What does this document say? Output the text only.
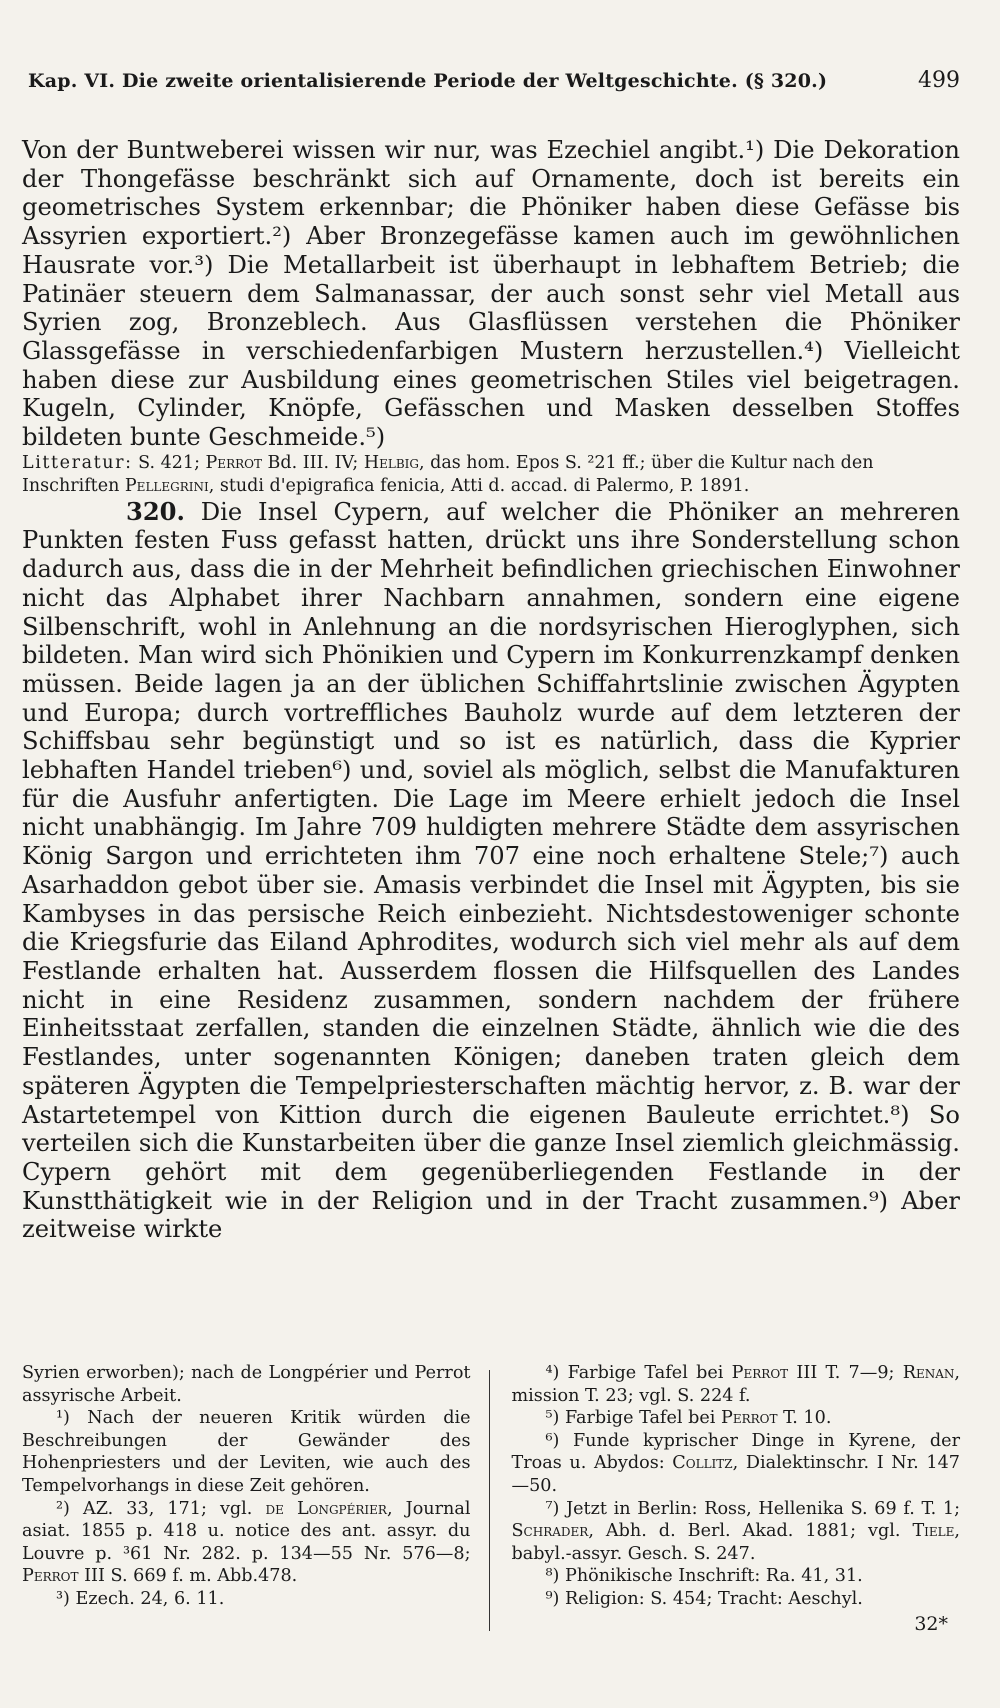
Kap. VI. Die zweite orientalisierende Periode der Weltgeschichte. (§ 320.)	499

Von der Buntweberei wissen wir nur, was Ezechiel angibt.¹) Die Dekoration der Thongefässe beschränkt sich auf Ornamente, doch ist bereits ein geometrisches System erkennbar; die Phöniker haben diese Gefässe bis Assyrien exportiert.²) Aber Bronzegefässe kamen auch im gewöhnlichen Hausrate vor.³) Die Metallarbeit ist überhaupt in lebhaftem Betrieb; die Patinäer steuern dem Salmanassar, der auch sonst sehr viel Metall aus Syrien zog, Bronzeblech. Aus Glasflüssen verstehen die Phöniker Glassgefässe in verschiedenfarbigen Mustern herzustellen.⁴) Vielleicht haben diese zur Ausbildung eines geometrischen Stiles viel beigetragen. Kugeln, Cylinder, Knöpfe, Gefässchen und Masken desselben Stoffes bildeten bunte Geschmeide.⁵)

Litteratur: S. 421; Perrot Bd. III. IV; Helbig, das hom. Epos S. ²21 ff.; über die Kultur nach den Inschriften Pellegrini, studi d'epigrafica fenicia, Atti d. accad. di Palermo, P. 1891.

320. Die Insel Cypern, auf welcher die Phöniker an mehreren Punkten festen Fuss gefasst hatten, drückt uns ihre Sonderstellung schon dadurch aus, dass die in der Mehrheit befindlichen griechischen Einwohner nicht das Alphabet ihrer Nachbarn annahmen, sondern eine eigene Silbenschrift, wohl in Anlehnung an die nordsyrischen Hieroglyphen, sich bildeten. Man wird sich Phönikien und Cypern im Konkurrenzkampf denken müssen. Beide lagen ja an der üblichen Schiffahrtslinie zwischen Ägypten und Europa; durch vortreffliches Bauholz wurde auf dem letzteren der Schiffsbau sehr begünstigt und so ist es natürlich, dass die Kyprier lebhaften Handel trieben⁶) und, soviel als möglich, selbst die Manufakturen für die Ausfuhr anfertigten. Die Lage im Meere erhielt jedoch die Insel nicht unabhängig. Im Jahre 709 huldigten mehrere Städte dem assyrischen König Sargon und errichteten ihm 707 eine noch erhaltene Stele;⁷) auch Asarhaddon gebot über sie. Amasis verbindet die Insel mit Ägypten, bis sie Kambyses in das persische Reich einbezieht. Nichtsdestoweniger schonte die Kriegsfurie das Eiland Aphrodites, wodurch sich viel mehr als auf dem Festlande erhalten hat. Ausserdem flossen die Hilfsquellen des Landes nicht in eine Residenz zusammen, sondern nachdem der frühere Einheitsstaat zerfallen, standen die einzelnen Städte, ähnlich wie die des Festlandes, unter sogenannten Königen; daneben traten gleich dem späteren Ägypten die Tempelpriesterschaften mächtig hervor, z. B. war der Astartetempel von Kittion durch die eigenen Bauleute errichtet.⁸) So verteilen sich die Kunstarbeiten über die ganze Insel ziemlich gleichmässig. Cypern gehört mit dem gegenüberliegenden Festlande in der Kunstthätigkeit wie in der Religion und in der Tracht zusammen.⁹) Aber zeitweise wirkte

Syrien erworben); nach de Longpérier und Perrot assyrische Arbeit.

¹) Nach der neueren Kritik würden die Beschreibungen der Gewänder des Hohenpriesters und der Leviten, wie auch des Tempelvorhangs in diese Zeit gehören.

²) AZ. 33, 171; vgl. de Longpérier, Journal asiat. 1855 p. 418 u. notice des ant. assyr. du Louvre p. ³61 Nr. 282. p. 134—55 Nr. 576—8; Perrot III S. 669 f. m. Abb.478.

³) Ezech. 24, 6. 11.

⁴) Farbige Tafel bei Perrot III T. 7—9; Renan, mission T. 23; vgl. S. 224 f.

⁵) Farbige Tafel bei Perrot T. 10.

⁶) Funde kyprischer Dinge in Kyrene, der Troas u. Abydos: Collitz, Dialektinschr. I Nr. 147—50.

⁷) Jetzt in Berlin: Ross, Hellenika S. 69 f. T. 1; Schrader, Abh. d. Berl. Akad. 1881; vgl. Tiele, babyl.-assyr. Gesch. S. 247.

⁸) Phönikische Inschrift: Ra. 41, 31.

⁹) Religion: S. 454; Tracht: Aeschyl.

32*
